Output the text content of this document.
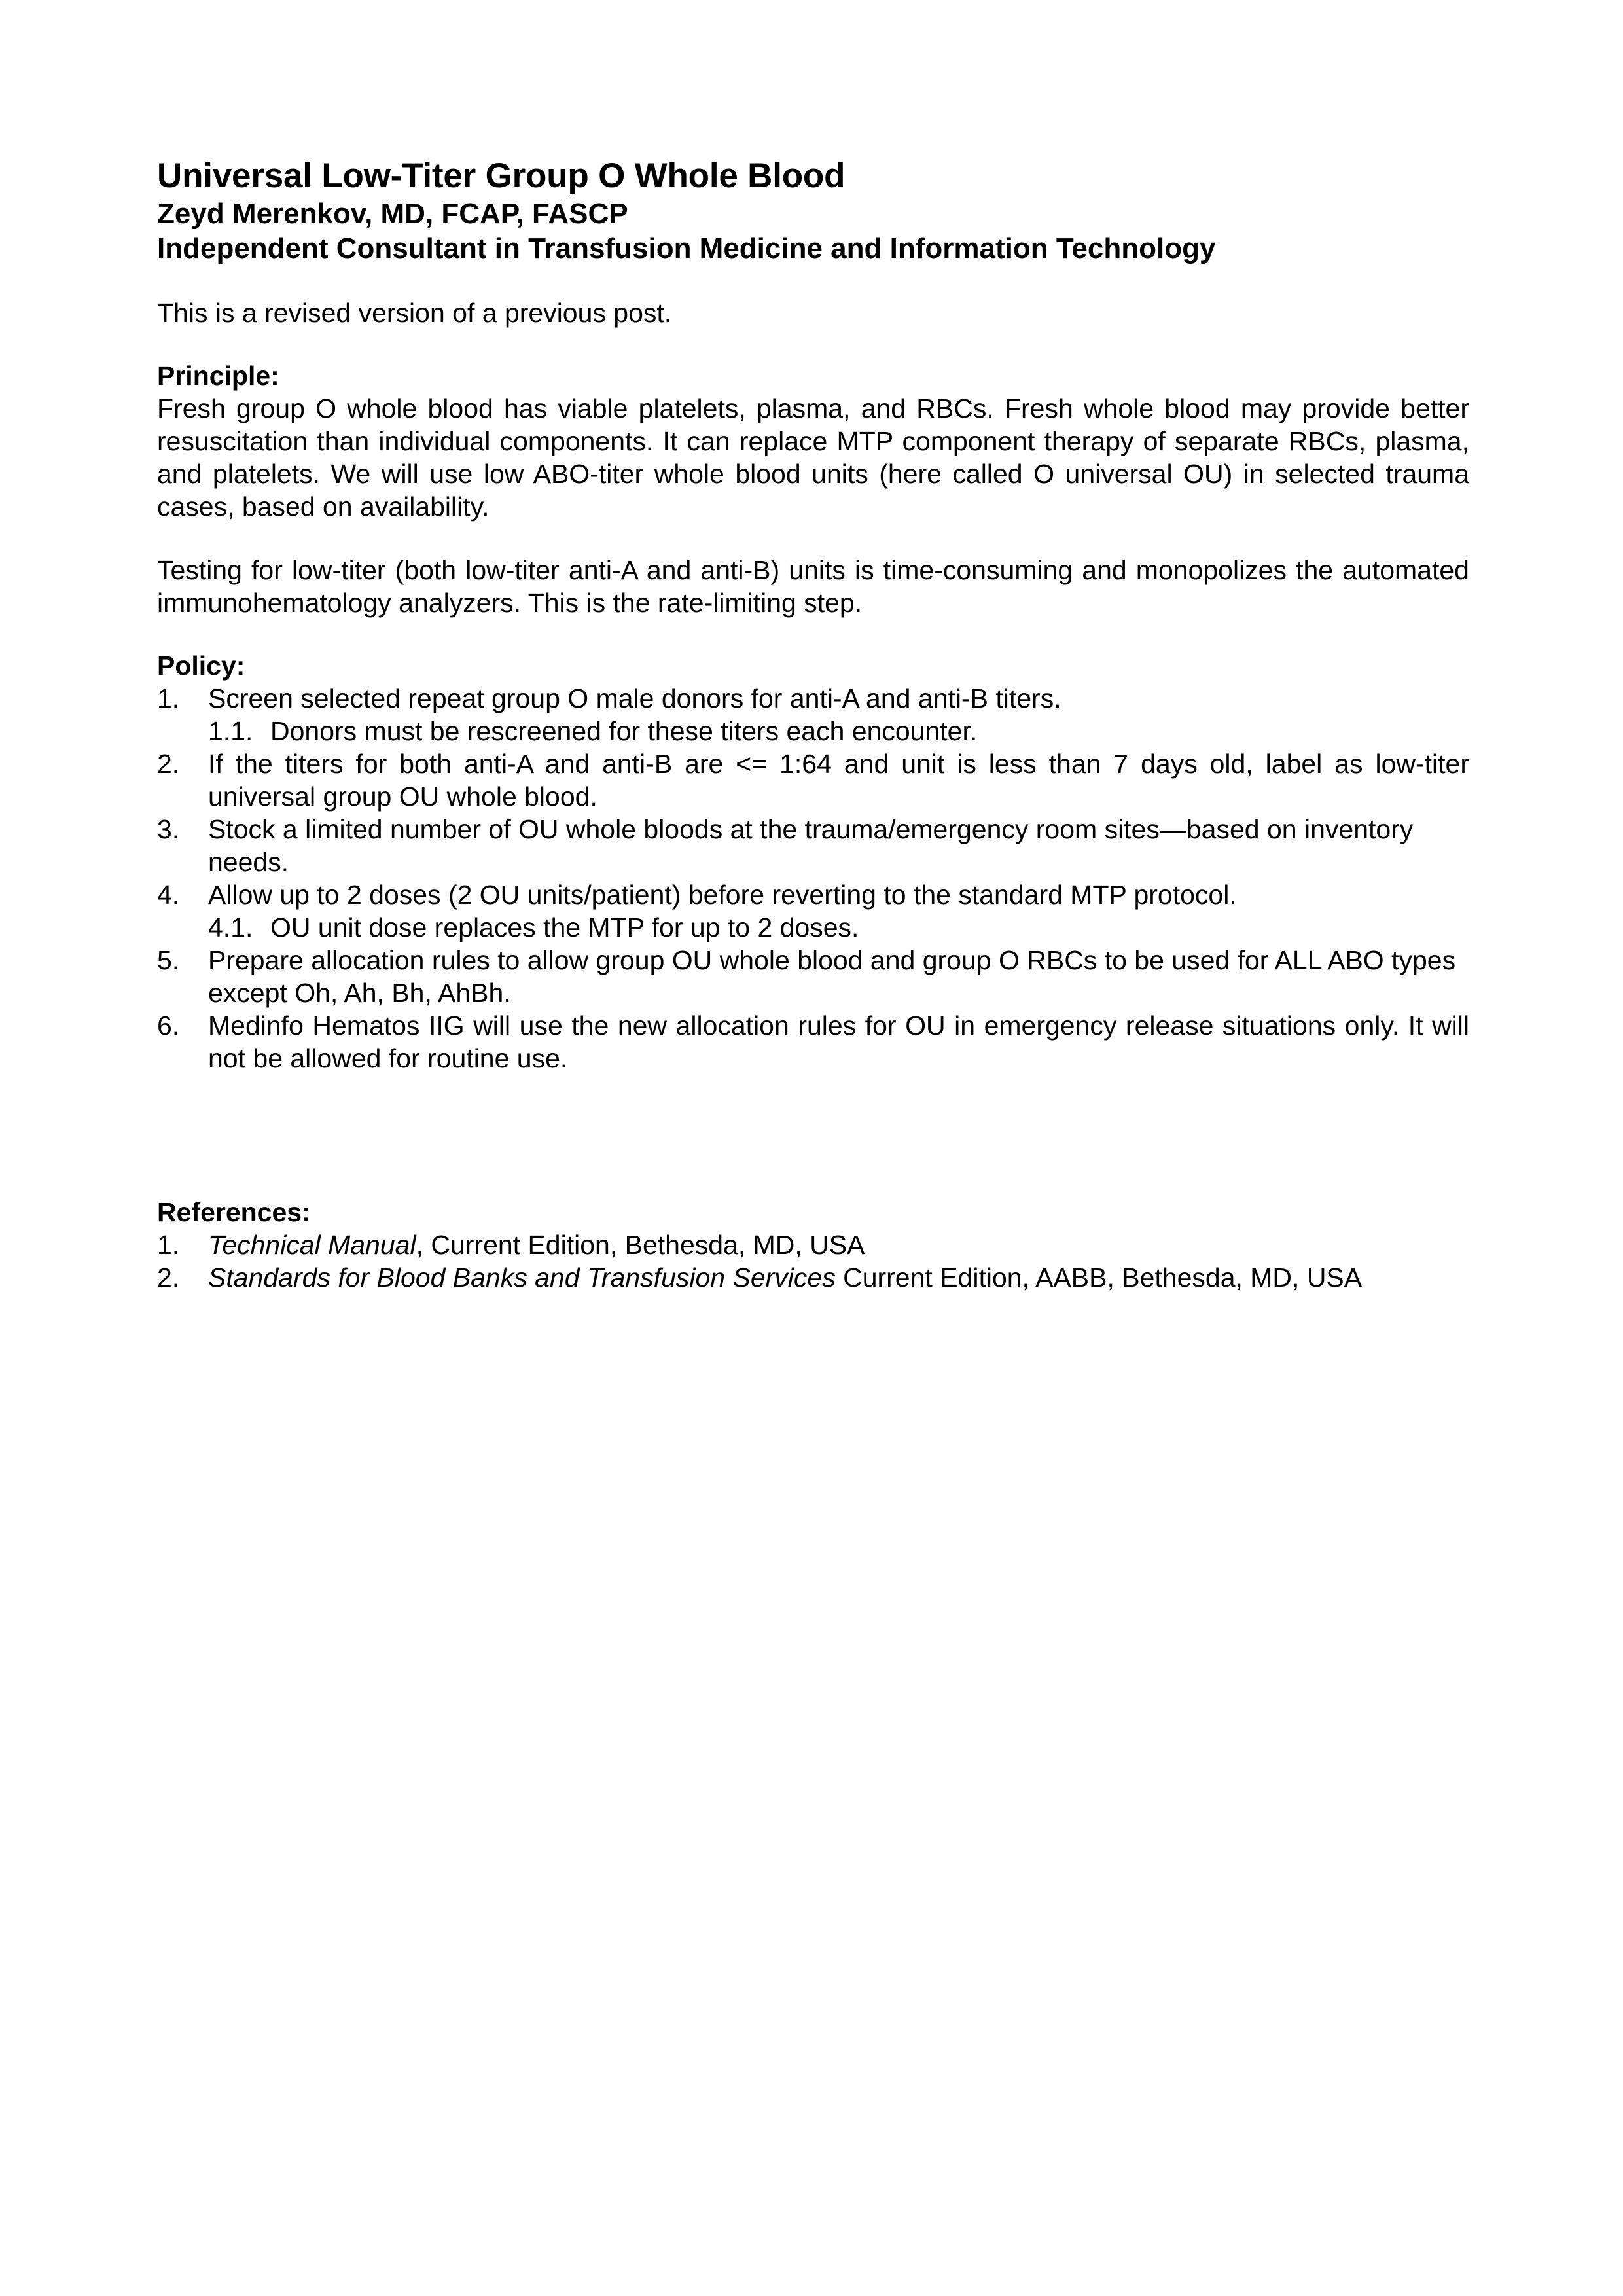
Universal Low-Titer Group O Whole Blood
Zeyd Merenkov, MD, FCAP, FASCP
Independent Consultant in Transfusion Medicine and Information Technology

This is a revised version of a previous post.

Principle:

Fresh group O whole blood has viable platelets, plasma, and RBCs. Fresh whole blood may provide better resuscitation than individual components. It can replace MTP component therapy of separate RBCs, plasma, and platelets. We will use low ABO-titer whole blood units (here called O universal OU) in selected trauma cases, based on availability.

Testing for low-titer (both low-titer anti-A and anti-B) units is time-consuming and monopolizes the automated immunohematology analyzers. This is the rate-limiting step.

Policy:
1.	Screen selected repeat group O male donors for anti-A and anti-B titers.
1.1. Donors must be rescreened for these titers each encounter.
2.	If the titers for both anti-A and anti-B are <= 1:64 and unit is less than 7 days old, label as low-titer universal group OU whole blood.
3.	Stock a limited number of OU whole bloods at the trauma/emergency room sites—based on inventory needs.
4.	Allow up to 2 doses (2 OU units/patient) before reverting to the standard MTP protocol.
4.1. OU unit dose replaces the MTP for up to 2 doses.
5.	Prepare allocation rules to allow group OU whole blood and group O RBCs to be used for ALL ABO types except Oh, Ah, Bh, AhBh.
6.	Medinfo Hematos IIG will use the new allocation rules for OU in emergency release situations only. It will not be allowed for routine use.
References:
1.	Technical Manual, Current Edition, Bethesda, MD, USA
2.	Standards for Blood Banks and Transfusion Services Current Edition, AABB, Bethesda, MD, USA
